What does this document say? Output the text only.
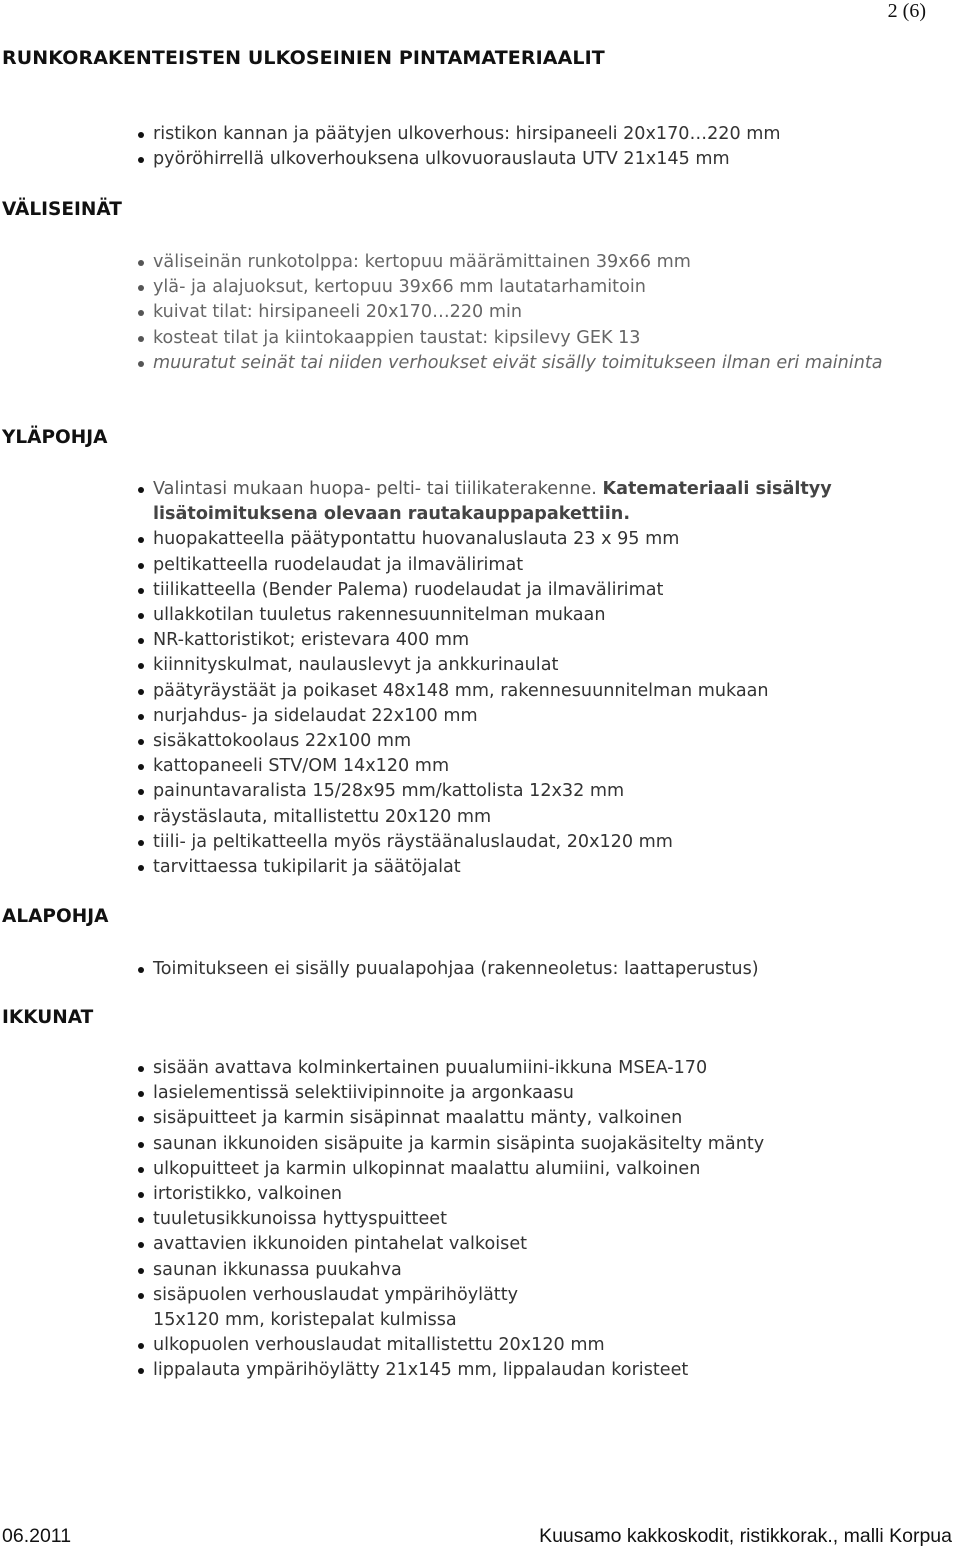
2 (6)
RUNKORAKENTEISTEN ULKOSEINIEN PINTAMATERIAALIT
ristikon kannan ja päätyjen ulkoverhous: hirsipaneeli 20x170…220 mm
pyöröhirrellä ulkoverhouksena ulkovuorauslauta UTV 21x145 mm
VÄLISEINÄT
väliseinän runkotolppa: kertopuu määrämittainen 39x66 mm
ylä- ja alajuoksut, kertopuu 39x66 mm lautatarhamitoin
kuivat tilat: hirsipaneeli 20x170…220 min
kosteat tilat ja kiintokaappien taustat: kipsilevy GEK 13
muuratut seinät tai niiden verhoukset eivät sisälly toimitukseen ilman eri maininta
YLÄPOHJA
Valintasi mukaan huopa- pelti- tai tiilikaterakenne. Katemateriaali sisältyy lisätoimituksena olevaan rautakauppapakettiin.
huopakatteella päätypontattu huovanaluslauta 23 x 95 mm
peltikatteella ruodelaudat ja ilmavälirimat
tiilikatteella (Bender Palema) ruodelaudat ja ilmavälirimat
ullakkotilan tuuletus rakennesuunnitelman mukaan
NR-kattoristikot; eristevara 400 mm
kiinnityskulmat, naulauslevyt ja ankkurinaulat
päätyräystäät ja poikaset 48x148 mm, rakennesuunnitelman mukaan
nurjahdus- ja sidelaudat 22x100 mm
sisäkattokoolaus 22x100 mm
kattopaneeli STV/OM 14x120 mm
painuntavaralista 15/28x95 mm/kattolista 12x32 mm
räystäslauta, mitallistettu 20x120 mm
tiili- ja peltikatteella myös räystäänaluslaudat, 20x120 mm
tarvittaessa tukipilarit ja säätöjalat
ALAPOHJA
Toimitukseen ei sisälly puualapohjaa (rakenneoletus: laattaperustus)
IKKUNAT
sisään avattava kolminkertainen puualumiini-ikkuna MSEA-170
lasielementissä selektiivipinnoite ja argonkaasu
sisäpuitteet ja karmin sisäpinnat maalattu mänty, valkoinen
saunan ikkunoiden sisäpuite ja karmin sisäpinta suojakäsitelty mänty
ulkopuitteet ja karmin ulkopinnat maalattu alumiini, valkoinen
irtoristikko, valkoinen
tuuletusikkunoissa hyttyspuitteet
avattavien ikkunoiden pintahelat valkoiset
saunan ikkunassa puukahva
sisäpuolen verhouslaudat ympärihöylätty
15x120 mm, koristepalat kulmissa
ulkopuolen verhouslaudat mitallistettu 20x120 mm
lippalauta ympärihöylätty 21x145 mm, lippalaudan koristeet
06.2011	Kuusamo kakkoskodit, ristikkorak., malli Korpua
